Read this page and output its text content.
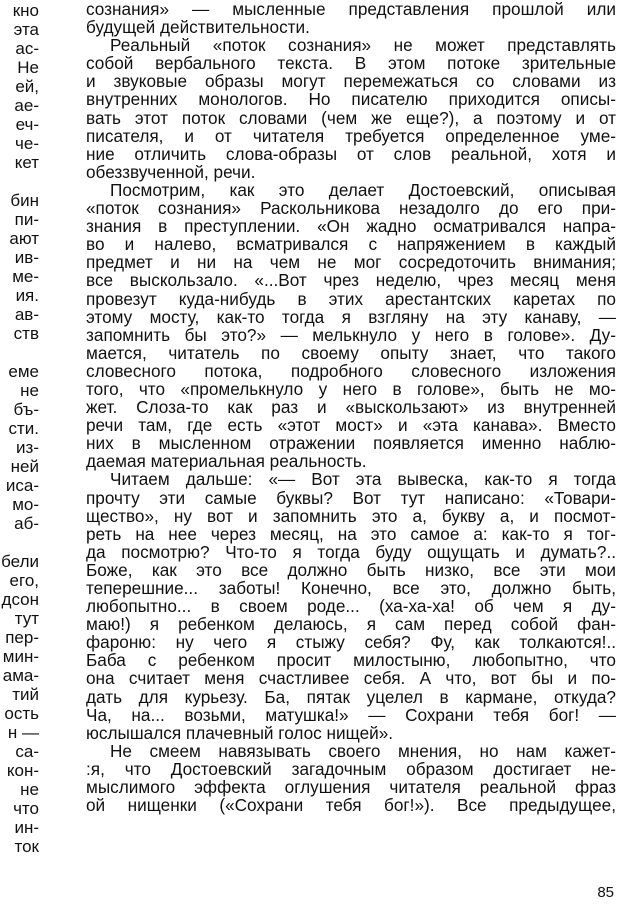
кно
эта
ас-
Не
ей,
ае-
еч-
че-
кет
бин
пи-
ают
ив-
ме-
ия.
ав-
ств
еме
не
бъ-
сти.
из-
ней
иса-
мо-
аб-
бели
его,
дсон
тут
пер-
мин-
ама-
тий
ость
н —
са-
кон-
не
что
ин-
ток
сознания» — мысленные представления прошлой или
будущей действительности.
Реальный «поток сознания» не может представлять
собой вербального текста. В этом потоке зрительные
и звуковые образы могут перемежаться со словами из
внутренних монологов. Но писателю приходится описы-
вать этот поток словами (чем же еще?), а поэтому и от
писателя, и от читателя требуется определенное уме-
ние отличить слова-образы от слов реальной, хотя и
обеззвученной, речи.
Посмотрим, как это делает Достоевский, описывая
«поток сознания» Раскольникова незадолго до его при-
знания в преступлении. «Он жадно осматривался напра-
во и налево, всматривался с напряжением в каждый
предмет и ни на чем не мог сосредоточить внимания;
все выскользало. «...Вот чрез неделю, чрез месяц меня
провезут куда-нибудь в этих арестантских каретах по
этому мосту, как-то тогда я взгляну на эту канаву, —
запомнить бы это?» — мелькнуло у него в голове». Ду-
мается, читатель по своему опыту знает, что такого
словесного потока, подробного словесного изложения
того, что «промелькнуло у него в голове», быть не мо-
жет. Слоза-то как раз и «выскользают» из внутренней
речи там, где есть «этот мост» и «эта канава». Вместо
них в мысленном отражении появляется именно наблю-
даемая материальная реальность.
Читаем дальше: «— Вот эта вывеска, как-то я тогда
прочту эти самые буквы? Вот тут написано: «Товари-
щество», ну вот и запомнить это а, букву а, и посмот-
реть на нее через месяц, на это самое а: как-то я тог-
да посмотрю? Что-то я тогда буду ощущать и думать?..
Боже, как это все должно быть низко, все эти мои
теперешние... заботы! Конечно, все это, должно быть,
любопытно... в своем роде... (ха-ха-ха! об чем я ду-
маю!) я ребенком делаюсь, я сам перед собой фан-
фароню: ну чего я стыжу себя? Фу, как толкаются!..
Баба с ребенком просит милостыню, любопытно, что
она считает меня счастливее себя. А что, вот бы и по-
дать для курьезу. Ба, пятак уцелел в кармане, откуда?
Ча, на... возьми, матушка!» — Сохрани тебя бог! —
юслышался плачевный голос нищей».
Не смеем навязывать своего мнения, но нам кажет-
:я, что Достоевский загадочным образом достигает не-
мыслимого эффекта оглушения читателя реальной фраз
ой нищенки («Сохрани тебя бог!»). Все предыдущее,
85
